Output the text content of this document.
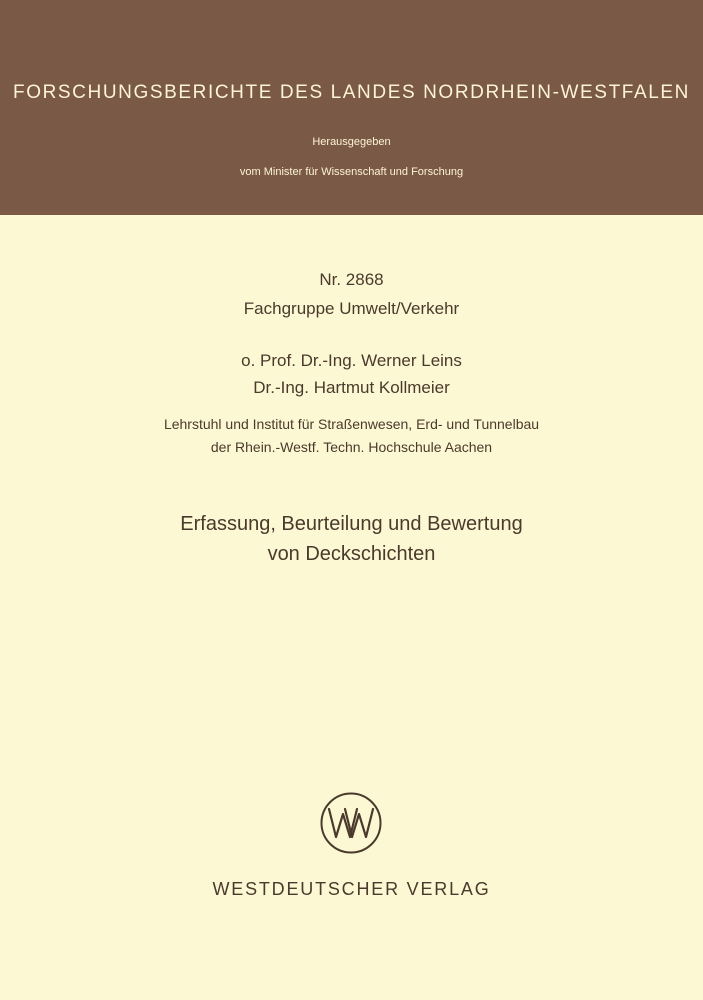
FORSCHUNGSBERICHTE DES LANDES NORDRHEIN-WESTFALEN
Herausgegeben
vom Minister für Wissenschaft und Forschung
Nr. 2868
Fachgruppe Umwelt/Verkehr
o. Prof. Dr.-Ing. Werner Leins
Dr.-Ing. Hartmut Kollmeier
Lehrstuhl und Institut für Straßenwesen, Erd- und Tunnelbau
der Rhein.-Westf. Techn. Hochschule Aachen
Erfassung, Beurteilung und Bewertung
von Deckschichten
WESTDEUTSCHER VERLAG
